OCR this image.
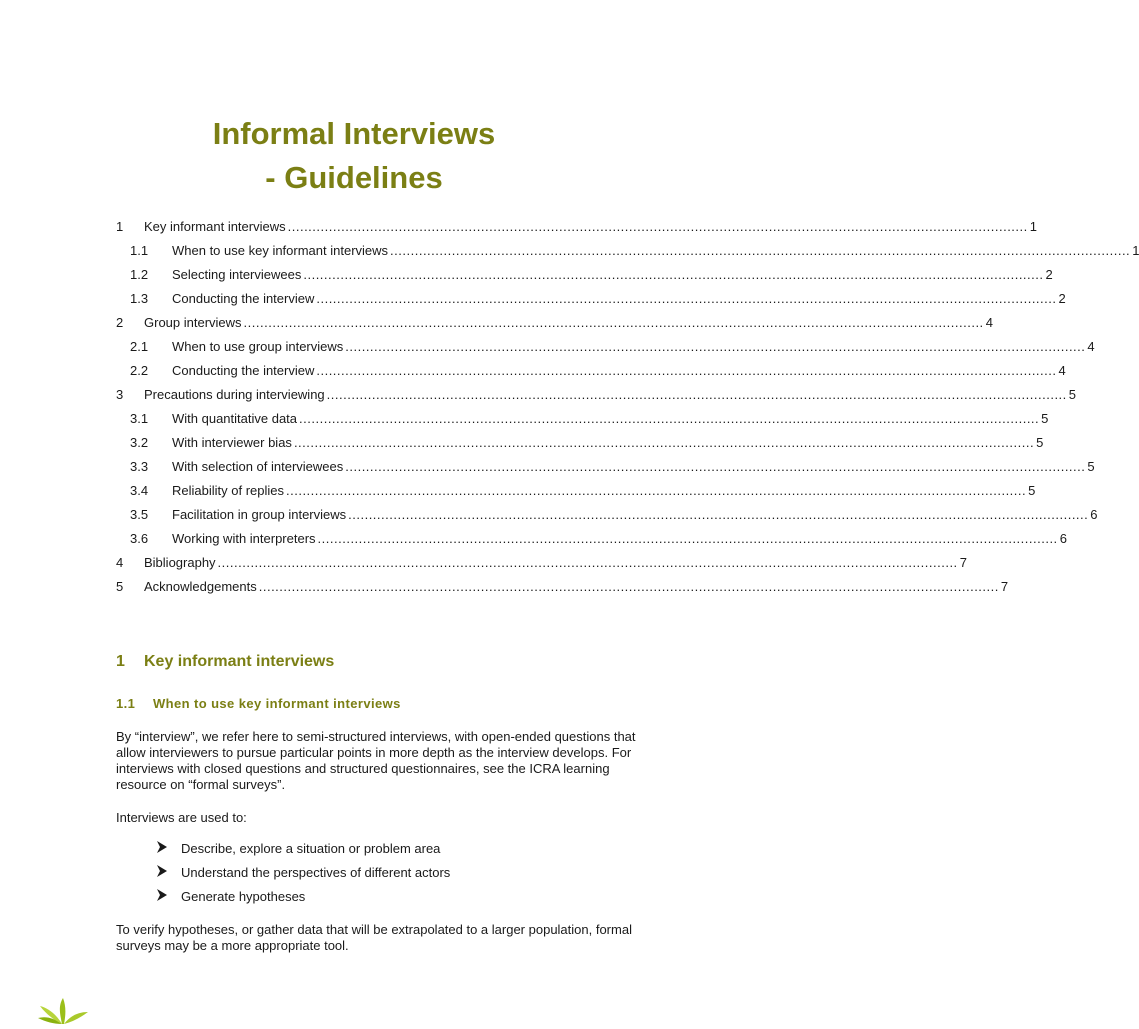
Informal Interviews
- Guidelines
1	Key informant interviews .................................................................................................................................................................................... 1
1.1	When to use key informant interviews .................................................................................................................................................................................... 1
1.2	Selecting interviewees .................................................................................................................................................................................... 2
1.3	Conducting the interview .................................................................................................................................................................................... 2
2	Group interviews .................................................................................................................................................................................... 4
2.1	When to use group interviews .................................................................................................................................................................................... 4
2.2	Conducting the interview .................................................................................................................................................................................... 4
3	Precautions during interviewing .................................................................................................................................................................................... 5
3.1	With quantitative data .................................................................................................................................................................................... 5
3.2	With interviewer bias .................................................................................................................................................................................... 5
3.3	With selection of interviewees .................................................................................................................................................................................... 5
3.4	Reliability of replies .................................................................................................................................................................................... 5
3.5	Facilitation in group interviews .................................................................................................................................................................................... 6
3.6	Working with interpreters .................................................................................................................................................................................... 6
4	Bibliography .................................................................................................................................................................................... 7
5	Acknowledgements .................................................................................................................................................................................... 7
1 Key informant interviews
1.1 When to use key informant interviews
By “interview”, we refer here to semi-structured interviews, with open-ended questions that allow interviewers to pursue particular points in more depth as the interview develops. For interviews with closed questions and structured questionnaires, see the ICRA learning resource on “formal surveys”.
Interviews are used to:
Describe, explore a situation or problem area
Understand the perspectives of different actors
Generate hypotheses
To verify hypotheses, or gather data that will be extrapolated to a larger population, formal surveys may be a more appropriate tool.
